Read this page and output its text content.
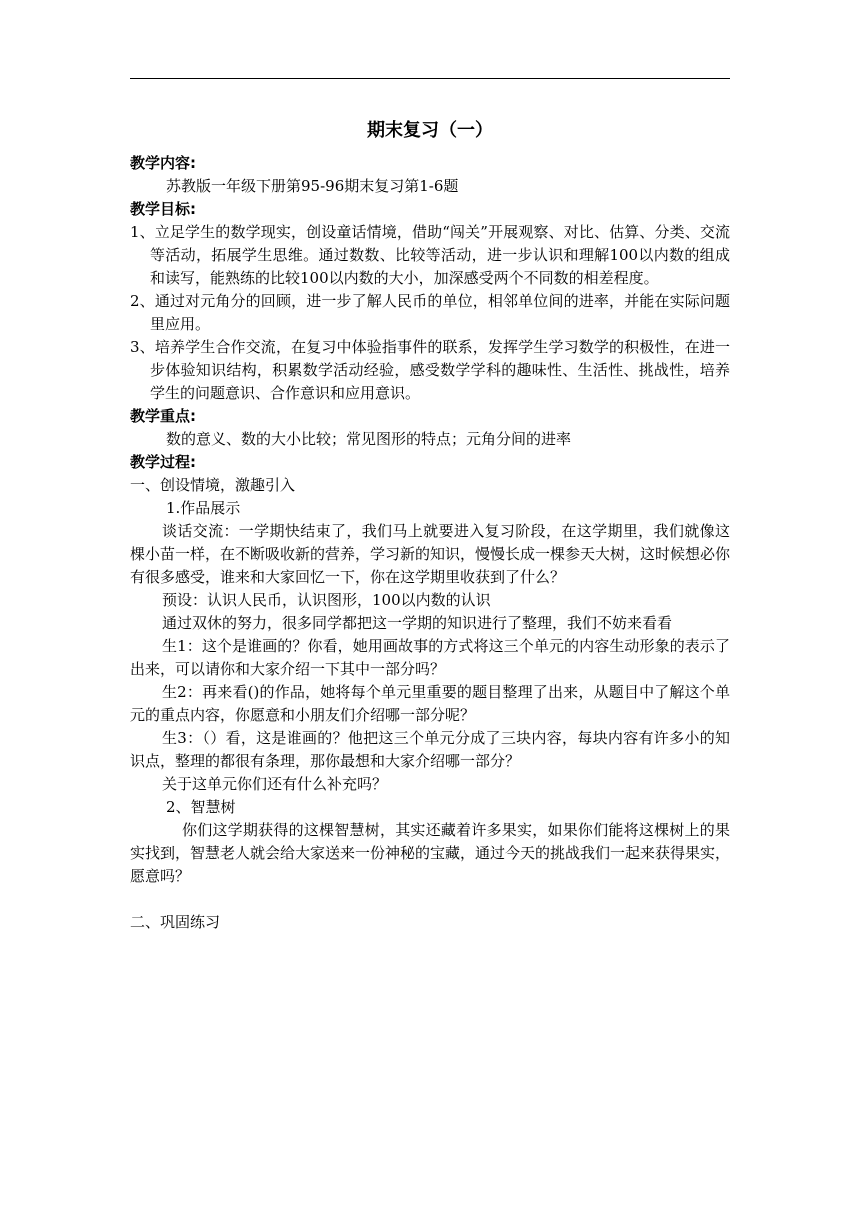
期末复习（一）
教学内容:
苏教版一年级下册第95-96期末复习第1-6题
教学目标:
1、立足学生的数学现实，创设童话情境，借助“闯关”开展观察、对比、估算、分类、交流等活动，拓展学生思维。通过数数、比较等活动，进一步认识和理解100以内数的组成和读写，能熟练的比较100以内数的大小，加深感受两个不同数的相差程度。
2、通过对元角分的回顾，进一步了解人民币的单位，相邻单位间的进率，并能在实际问题里应用。
3、培养学生合作交流，在复习中体验指事件的联系，发挥学生学习数学的积极性，在进一步体验知识结构，积累数学活动经验，感受数学学科的趣味性、生活性、挑战性，培养学生的问题意识、合作意识和应用意识。
教学重点:
数的意义、数的大小比较；常见图形的特点；元角分间的进率
教学过程:
一、创设情境，激趣引入
1.作品展示
谈话交流：一学期快结束了，我们马上就要进入复习阶段，在这学期里，我们就像这棵小苗一样，在不断吸收新的营养，学习新的知识，慢慢长成一棵参天大树，这时候想必你有很多感受，谁来和大家回忆一下，你在这学期里收获到了什么？
预设：认识人民币，认识图形，100以内数的认识
通过双休的努力，很多同学都把这一学期的知识进行了整理，我们不妨来看看
生1：这个是谁画的？你看，她用画故事的方式将这三个单元的内容生动形象的表示了出来，可以请你和大家介绍一下其中一部分吗？
生2：再来看()的作品，她将每个单元里重要的题目整理了出来，从题目中了解这个单元的重点内容，你愿意和小朋友们介绍哪一部分呢？
生3：（）看，这是谁画的？他把这三个单元分成了三块内容，每块内容有许多小的知识点，整理的都很有条理，那你最想和大家介绍哪一部分？
关于这单元你们还有什么补充吗？
2、智慧树
你们这学期获得的这棵智慧树，其实还藏着许多果实，如果你们能将这棵树上的果实找到，智慧老人就会给大家送来一份神秘的宝藏，通过今天的挑战我们一起来获得果实，愿意吗？
二、巩固练习
